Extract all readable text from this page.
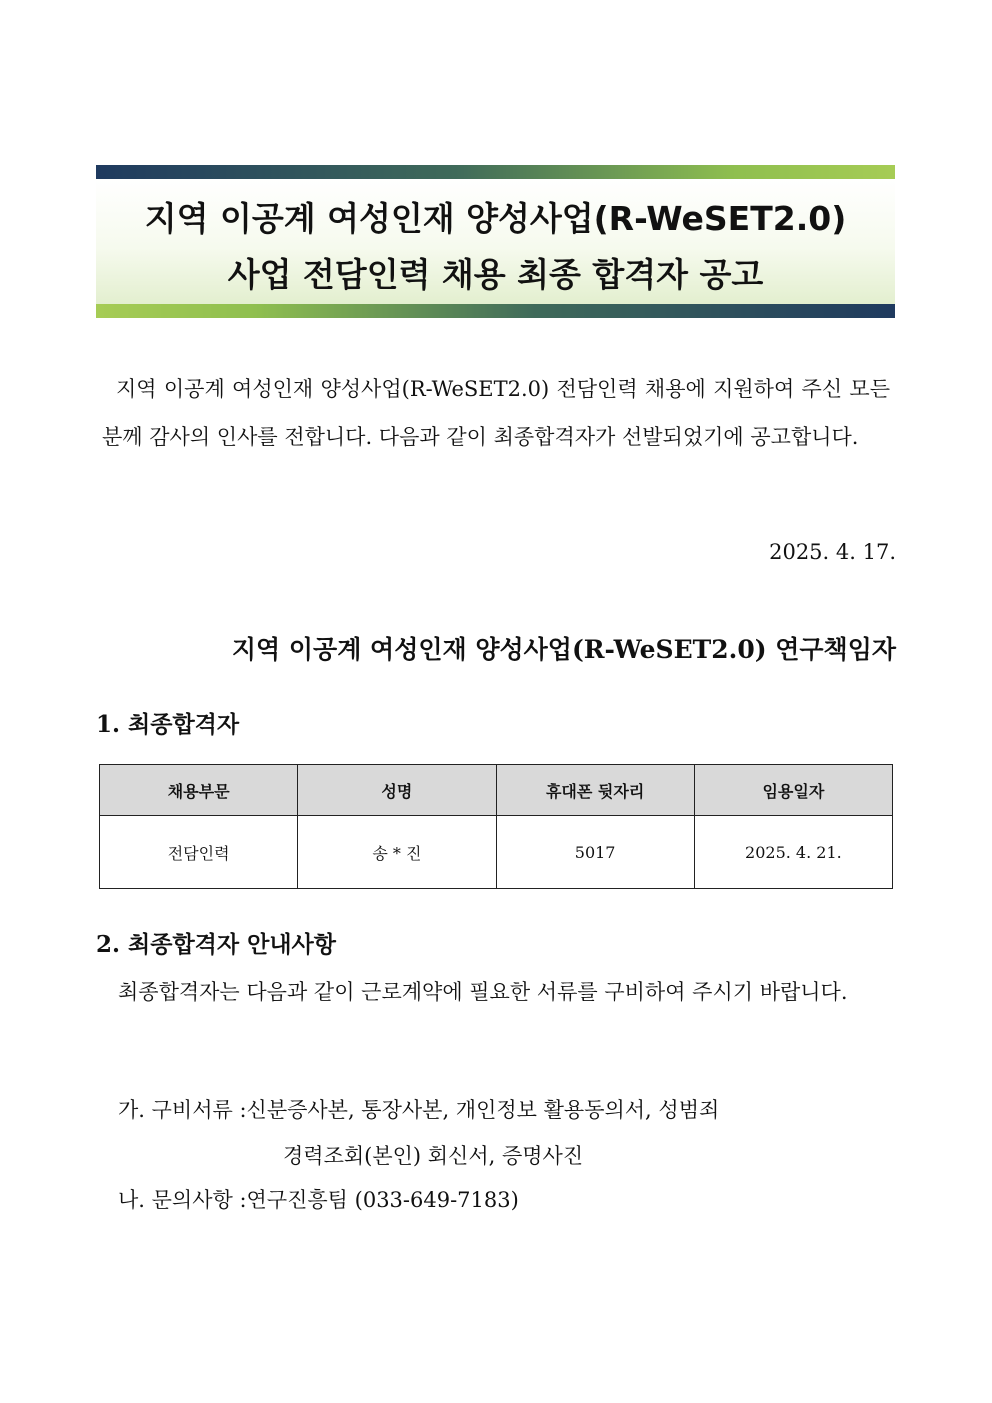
지역 이공계 여성인재 양성사업(R-WeSET2.0)
사업 전담인력 채용 최종 합격자 공고
지역 이공계 여성인재 양성사업(R-WeSET2.0) 전담인력 채용에 지원하여 주신 모든 분께 감사의 인사를 전합니다. 다음과 같이 최종합격자가 선발되었기에 공고합니다.
2025. 4. 17.
지역 이공계 여성인재 양성사업(R-WeSET2.0) 연구책임자
1. 최종합격자
채용부문	성명	휴대폰 뒷자리	임용일자
전담인력	송 * 진	5017	2025. 4. 21.
2. 최종합격자 안내사항
최종합격자는 다음과 같이 근로계약에 필요한 서류를 구비하여 주시기 바랍니다.
가. 구비서류 :신분증사본, 통장사본, 개인정보 활용동의서, 성범죄
경력조회(본인) 회신서, 증명사진
나. 문의사항 :연구진흥팀 (033-649-7183)
